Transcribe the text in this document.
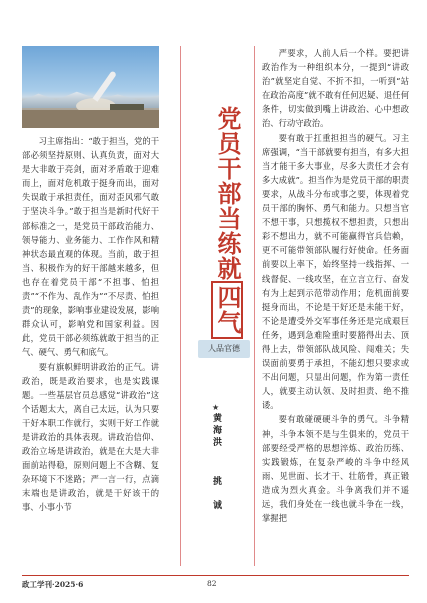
习主席指出：“敢于担当，党的干部必须坚持原则、认真负责，面对大是大非敢于亮剑，面对矛盾敢于迎难而上，面对危机敢于挺身而出，面对失误敢于承担责任，面对歪风邪气敢于坚决斗争。”敢于担当是新时代好干部标准之一，是党员干部政治能力、领导能力、业务能力、工作作风和精神状态最直观的体现。当前，敢于担当、积极作为的好干部越来越多，但也存在着党员干部“不担事、怕担责”“不作为、乱作为”“不尽责、怕担责”的现象，影响事业建设发展，影响群众认可，影响党和国家利益。因此，党员干部必须练就敢于担当的正气、硬气、勇气和底气。

要有旗帜鲜明讲政治的正气。讲政治，既是政治要求，也是实践课题。一些基层官员总感觉“讲政治”这个话题太大，离自己太远，认为只要干好本职工作就行，实则干好工作就是讲政治的具体表现。讲政治信仰、政治立场是讲政治，就是在大是大非面前站得稳，原则问题上不含糊、复杂环境下不迷路；严一言一行，点滴末端也是讲政治，就是干好该干的事、小事小节

党员干部当练就四气
人品官德
★
黄海洪
挑　诚

严要求，人前人后一个样。要把讲政治作为一种组织本分，一提到“讲政治”就坚定自觉、不折不扣，一听到“站在政治高度”就不敢有任何迟疑、退任何条件，切实做到嘴上讲政治、心中想政治、行动守政治。

要有敢于扛重担担当的硬气。习主席强调，“当干部就要有担当，有多大担当才能干多大事业，尽多大责任才会有多大成就”。担当作为是党员干部的职责要求，从战斗分布或事之要，体现着党员干部的胸怀、勇气和能力。只想当官不想干事，只想揽权不想担责，只想出彩不想出力，就不可能赢得官兵信赖，更不可能带领部队履行好使命。任务面前要以上率下，始终坚持一线指挥、一线督促、一线攻坚，在立言立行、奋发有为上起到示范带动作用；危机面前要挺身而出，不论是干好还是未能干好，不论是遭受外交军事任务还是完成艰巨任务，遇到急难险重时要豁得出去、顶得上去，带领部队战风险、闯难关；失误面前要勇于承担，不能幻想只要求或不出问题，只显出问题，作为第一责任人，就要主动认领、及时担责、绝不推诿。

要有敢碰硬硬斗争的勇气。斗争精神，斗争本领不是与生俱来的，党员干部要经受严格的思想淬炼、政治历练、实践锻炼，在复杂严峻的斗争中经风雨、见世面、长才干、壮筋骨，真正锻造成为烈火真金。斗争离我们并不遥远，我们身处在一线也就斗争在一线，掌握把

政工学刊·2025·6	82
